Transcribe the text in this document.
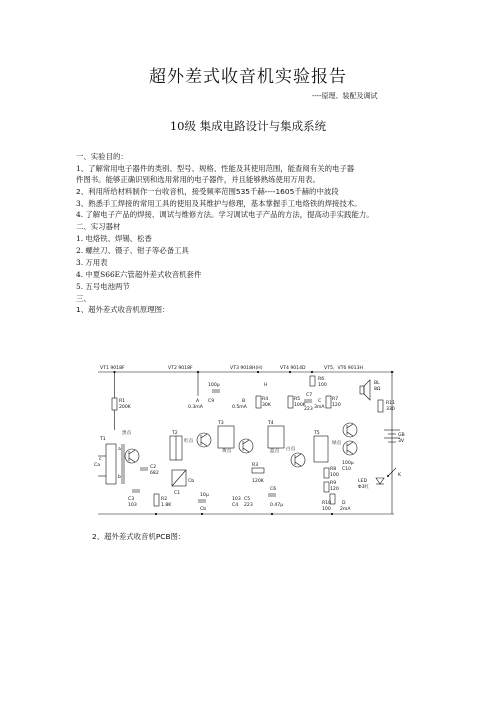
超外差式收音机实验报告
----原理、装配及调试
10级 集成电路设计与集成系统
一、实验目的：
1、了解常用电子器件的类别、型号、规格、性能及其使用范围，能查阅有关的电子器
件图书。能够正确识别和选用常用的电子器件，并且能够熟练使用万用表。
2、利用所给材料制作一台收音机，接受频率范围535千赫----1605千赫的中波段
3、熟悉手工焊接的常用工具的使用及其维护与修理，基本掌握手工电烙铁的焊接技术。
4. 了解电子产品的焊接、调试与维修方法。学习调试电子产品的方法，提高动手实践能力。
二、实习器材
1. 电烙铁、焊锡、松香
2. 螺丝刀、镊子、钳子等必备工具
3. 万用表
4. 中夏S66E六管超外差式收音机套件
5. 五号电池两节
三、
1、超外差式收音机原理图：
VT1 9018F	VT2 9018F	VT3 9018H(H)	VT4 9014D	VT5、VT6 9013H
R1
200K
T1
a
b
c
Ca
黑点
C2
682
C3
103
R2
1.8K
T2
红点
C1
Cb
A
0.3mA
100μ
C9
T3
黄点
10μ
Cb
103
C4
C5
223
B
0.5mA
R4
30K
H
T4
蓝点
R3
120K
C6
0.47μ
R5
100K
C7
223
C
3mA
R6
100
R7
120
白点
T5
绿点
R8
100
R9
120
100μ
C10
R10
100
D
2mA
BL
8Ω
R11
330
GB
3V
LED
Φ3红
K
2、超外差式收音机PCB图：
